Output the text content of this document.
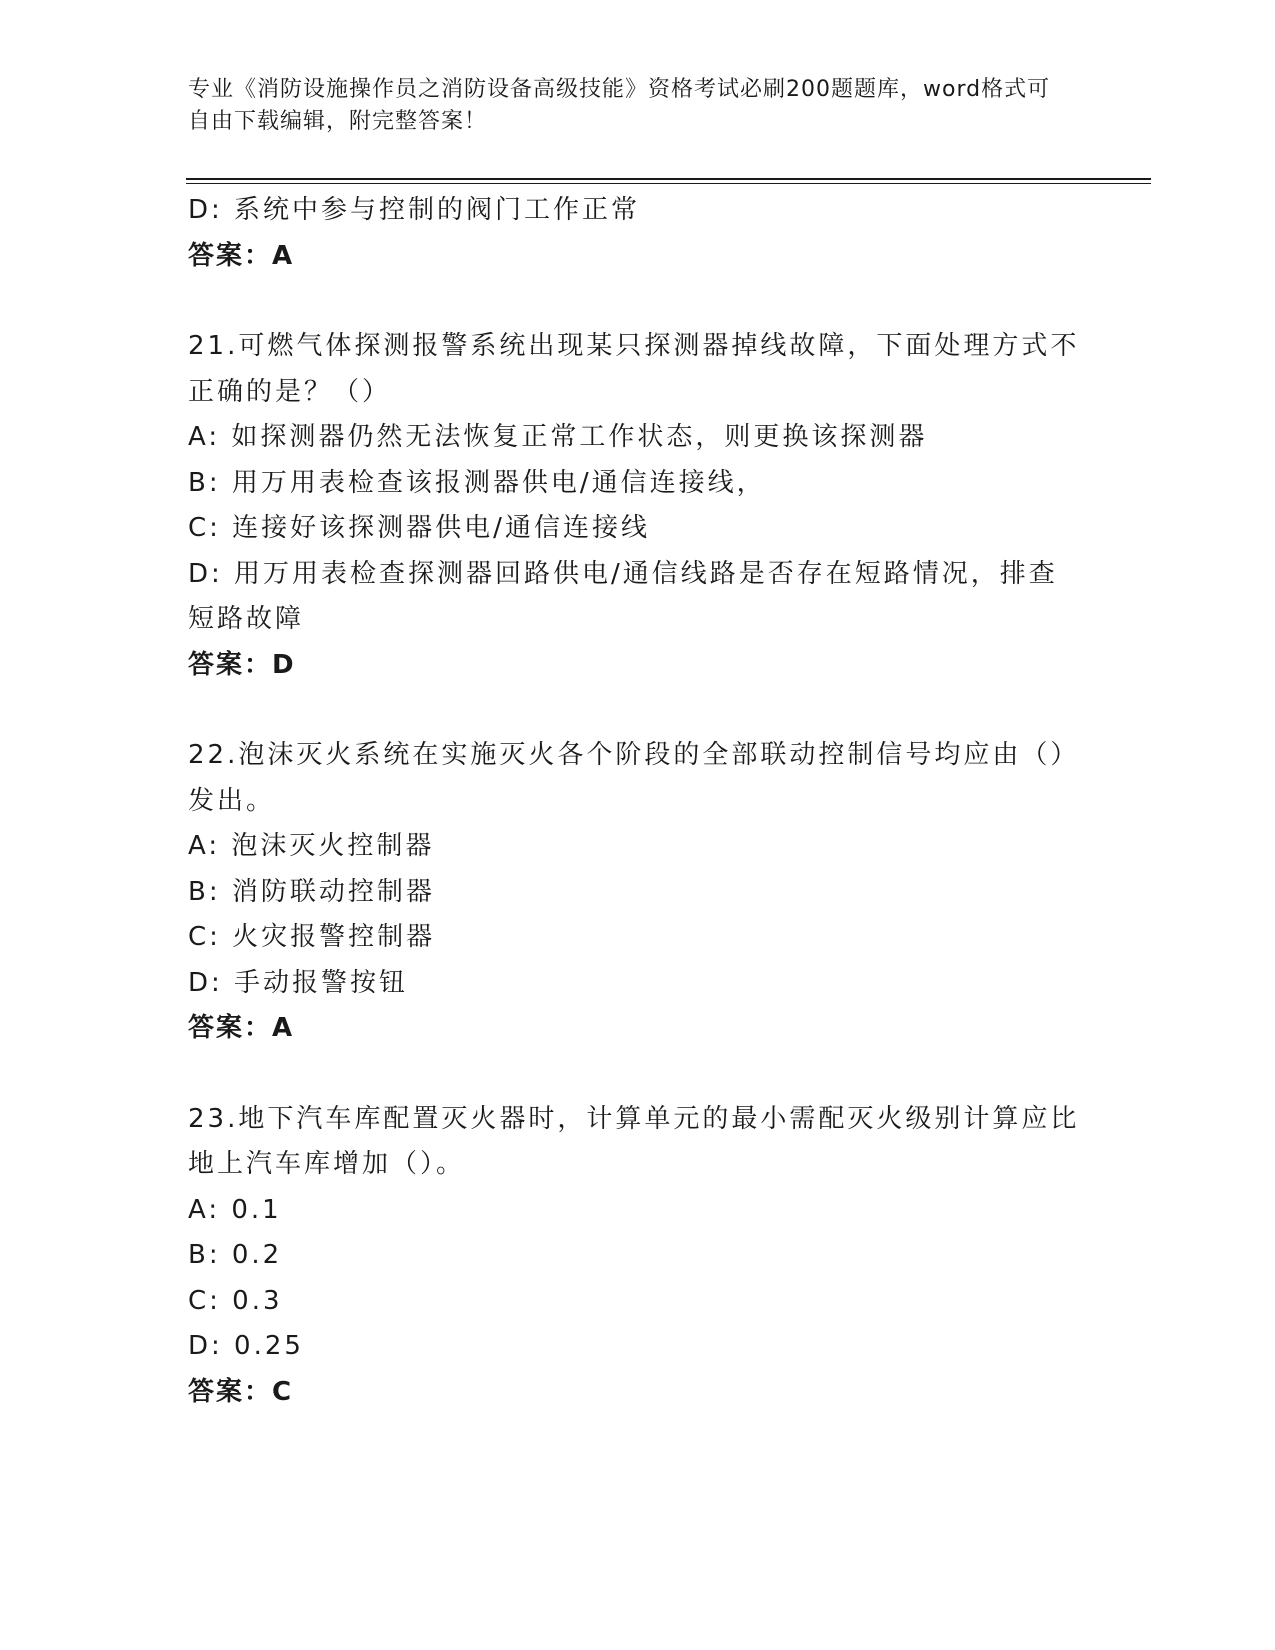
专业《消防设施操作员之消防设备高级技能》资格考试必刷200题题库，word格式可自由下载编辑，附完整答案！
D: 系统中参与控制的阀门工作正常
答案：A
21.可燃气体探测报警系统出现某只探测器掉线故障，下面处理方式不
正确的是？（）
A: 如探测器仍然无法恢复正常工作状态，则更换该探测器
B: 用万用表检查该报测器供电/通信连接线，
C: 连接好该探测器供电/通信连接线
D: 用万用表检查探测器回路供电/通信线路是否存在短路情况，排查
短路故障
答案：D
22.泡沫灭火系统在实施灭火各个阶段的全部联动控制信号均应由（）
发出。
A: 泡沫灭火控制器
B: 消防联动控制器
C: 火灾报警控制器
D: 手动报警按钮
答案：A
23.地下汽车库配置灭火器时，计算单元的最小需配灭火级别计算应比
地上汽车库增加（）。
A: 0.1
B: 0.2
C: 0.3
D: 0.25
答案：C
